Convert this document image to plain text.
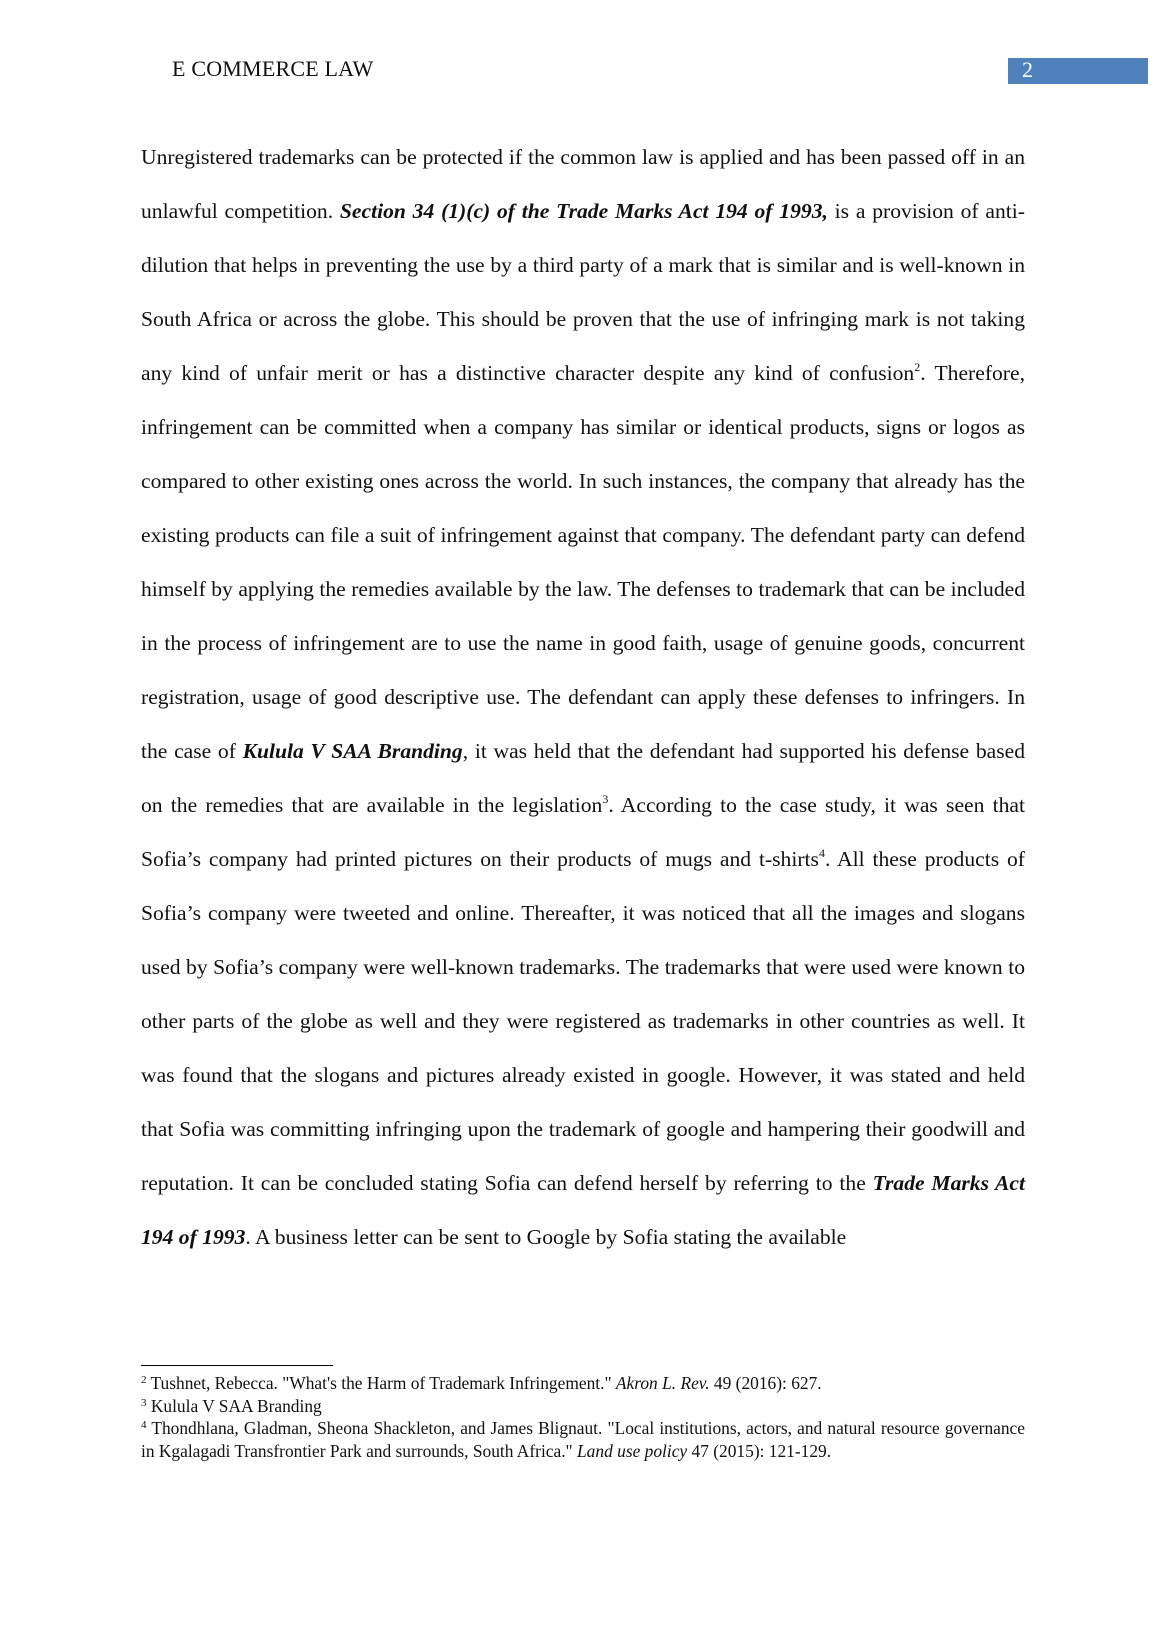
E COMMERCE LAW	2

Unregistered trademarks can be protected if the common law is applied and has been passed off in an unlawful competition. Section 34 (1)(c) of the Trade Marks Act 194 of 1993, is a provision of anti-dilution that helps in preventing the use by a third party of a mark that is similar and is well-known in South Africa or across the globe. This should be proven that the use of infringing mark is not taking any kind of unfair merit or has a distinctive character despite any kind of confusion$^2$. Therefore, infringement can be committed when a company has similar or identical products, signs or logos as compared to other existing ones across the world. In such instances, the company that already has the existing products can file a suit of infringement against that company. The defendant party can defend himself by applying the remedies available by the law. The defenses to trademark that can be included in the process of infringement are to use the name in good faith, usage of genuine goods, concurrent registration, usage of good descriptive use. The defendant can apply these defenses to infringers. In the case of Kulula V SAA Branding, it was held that the defendant had supported his defense based on the remedies that are available in the legislation$^3$. According to the case study, it was seen that Sofia’s company had printed pictures on their products of mugs and t-shirts$^4$. All these products of Sofia’s company were tweeted and online. Thereafter, it was noticed that all the images and slogans used by Sofia’s company were well-known trademarks. The trademarks that were used were known to other parts of the globe as well and they were registered as trademarks in other countries as well. It was found that the slogans and pictures already existed in google. However, it was stated and held that Sofia was committing infringing upon the trademark of google and hampering their goodwill and reputation. It can be concluded stating Sofia can defend herself by referring to the Trade Marks Act 194 of 1993. A business letter can be sent to Google by Sofia stating the available

$^2$ Tushnet, Rebecca. "What's the Harm of Trademark Infringement." Akron L. Rev. 49 (2016): 627.

$^3$ Kulula V SAA Branding

$^4$ Thondhlana, Gladman, Sheona Shackleton, and James Blignaut. "Local institutions, actors, and natural resource governance in Kgalagadi Transfrontier Park and surrounds, South Africa." Land use policy 47 (2015): 121-129.
